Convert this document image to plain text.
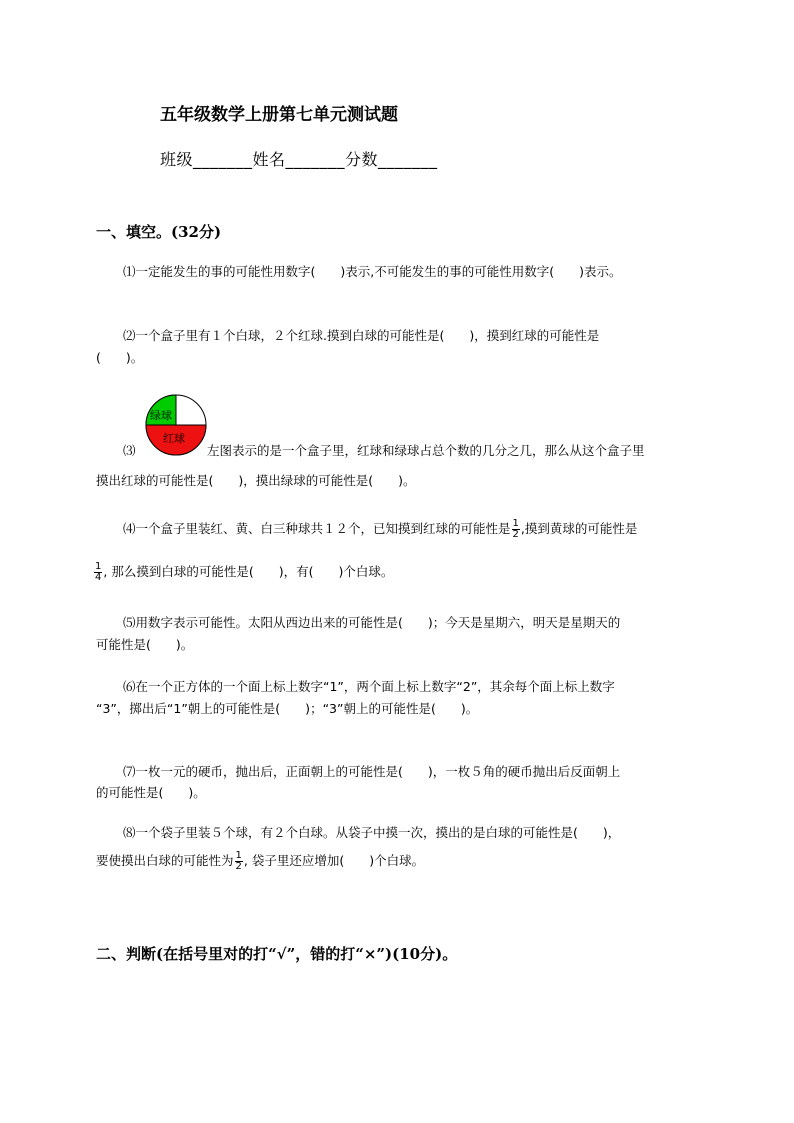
五年级数学上册第七单元测试题
班级_______姓名_______分数_______
一、填空。(32分)
⑴一定能发生的事的可能性用数字(　　)表示,不可能发生的事的可能性用数字(　　)表示。
⑵一个盒子里有１个白球，２个红球.摸到白球的可能性是(　　)，摸到红球的可能性是
(　　)。
绿球
红球
⑶	左图表示的是一个盒子里，红球和绿球占总个数的几分之几，那么从这个盒子里
摸出红球的可能性是(　　)，摸出绿球的可能性是(　　)。
⑷一个盒子里装红、黄、白三种球共１２个，已知摸到红球的可能性是 $\frac{1}{2}$ ,摸到黄球的可能性是
$\frac{1}{4}$ , 那么摸到白球的可能性是(　　)，有(　　)个白球。
⑸用数字表示可能性。太阳从西边出来的可能性是(　　)；今天是星期六，明天是星期天的
可能性是(　　)。
⑹在一个正方体的一个面上标上数字“1”，两个面上标上数字“2”，其余每个面上标上数字
“3”，掷出后“1”朝上的可能性是(　　)；“3”朝上的可能性是(　　)。
⑺一枚一元的硬币，抛出后，正面朝上的可能性是(　　)，一枚５角的硬币抛出后反面朝上
的可能性是(　　)。
⑻一个袋子里装５个球，有２个白球。从袋子中摸一次，摸出的是白球的可能性是(　　)，
要使摸出白球的可能性为 $\frac{1}{2}$ , 袋子里还应增加(　　)个白球。
二、判断(在括号里对的打“√”，错的打“×”)(10分)。
